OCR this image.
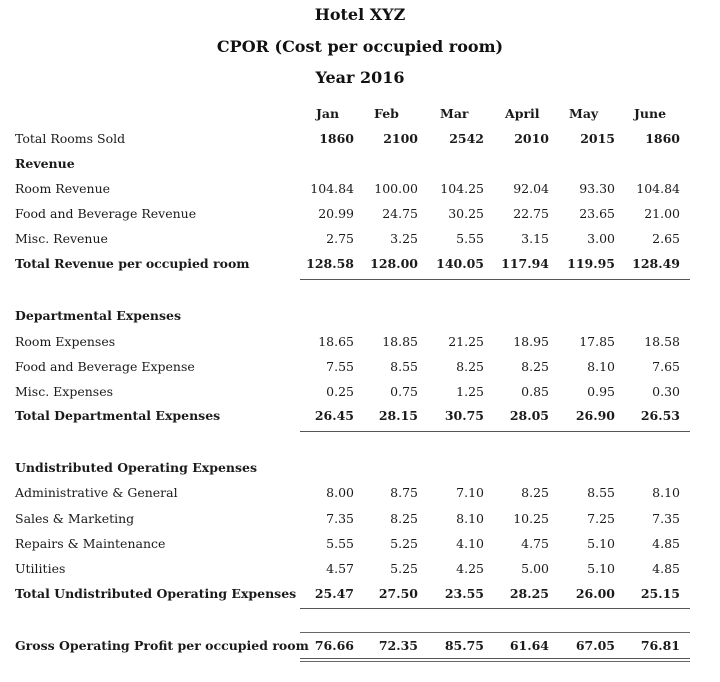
Hotel XYZ
CPOR (Cost per occupied room)
Year 2016
Jan	Feb	Mar	April	May	June
Total Rooms Sold	1860	2100	2542	2010	2015	1860
Revenue
Room Revenue	104.84	100.00	104.25	92.04	93.30	104.84
Food and Beverage Revenue	20.99	24.75	30.25	22.75	23.65	21.00
Misc. Revenue	2.75	3.25	5.55	3.15	3.00	2.65
Total Revenue per occupied room	128.58	128.00	140.05	117.94	119.95	128.49
Departmental Expenses
Room Expenses	18.65	18.85	21.25	18.95	17.85	18.58
Food and Beverage Expense	7.55	8.55	8.25	8.25	8.10	7.65
Misc. Expenses	0.25	0.75	1.25	0.85	0.95	0.30
Total Departmental Expenses	26.45	28.15	30.75	28.05	26.90	26.53
Undistributed Operating Expenses
Administrative & General	8.00	8.75	7.10	8.25	8.55	8.10
Sales & Marketing	7.35	8.25	8.10	10.25	7.25	7.35
Repairs & Maintenance	5.55	5.25	4.10	4.75	5.10	4.85
Utilities	4.57	5.25	4.25	5.00	5.10	4.85
Total Undistributed Operating Expenses	25.47	27.50	23.55	28.25	26.00	25.15
Gross Operating Profit per occupied room 76.66	72.35	85.75	61.64	67.05	76.81
